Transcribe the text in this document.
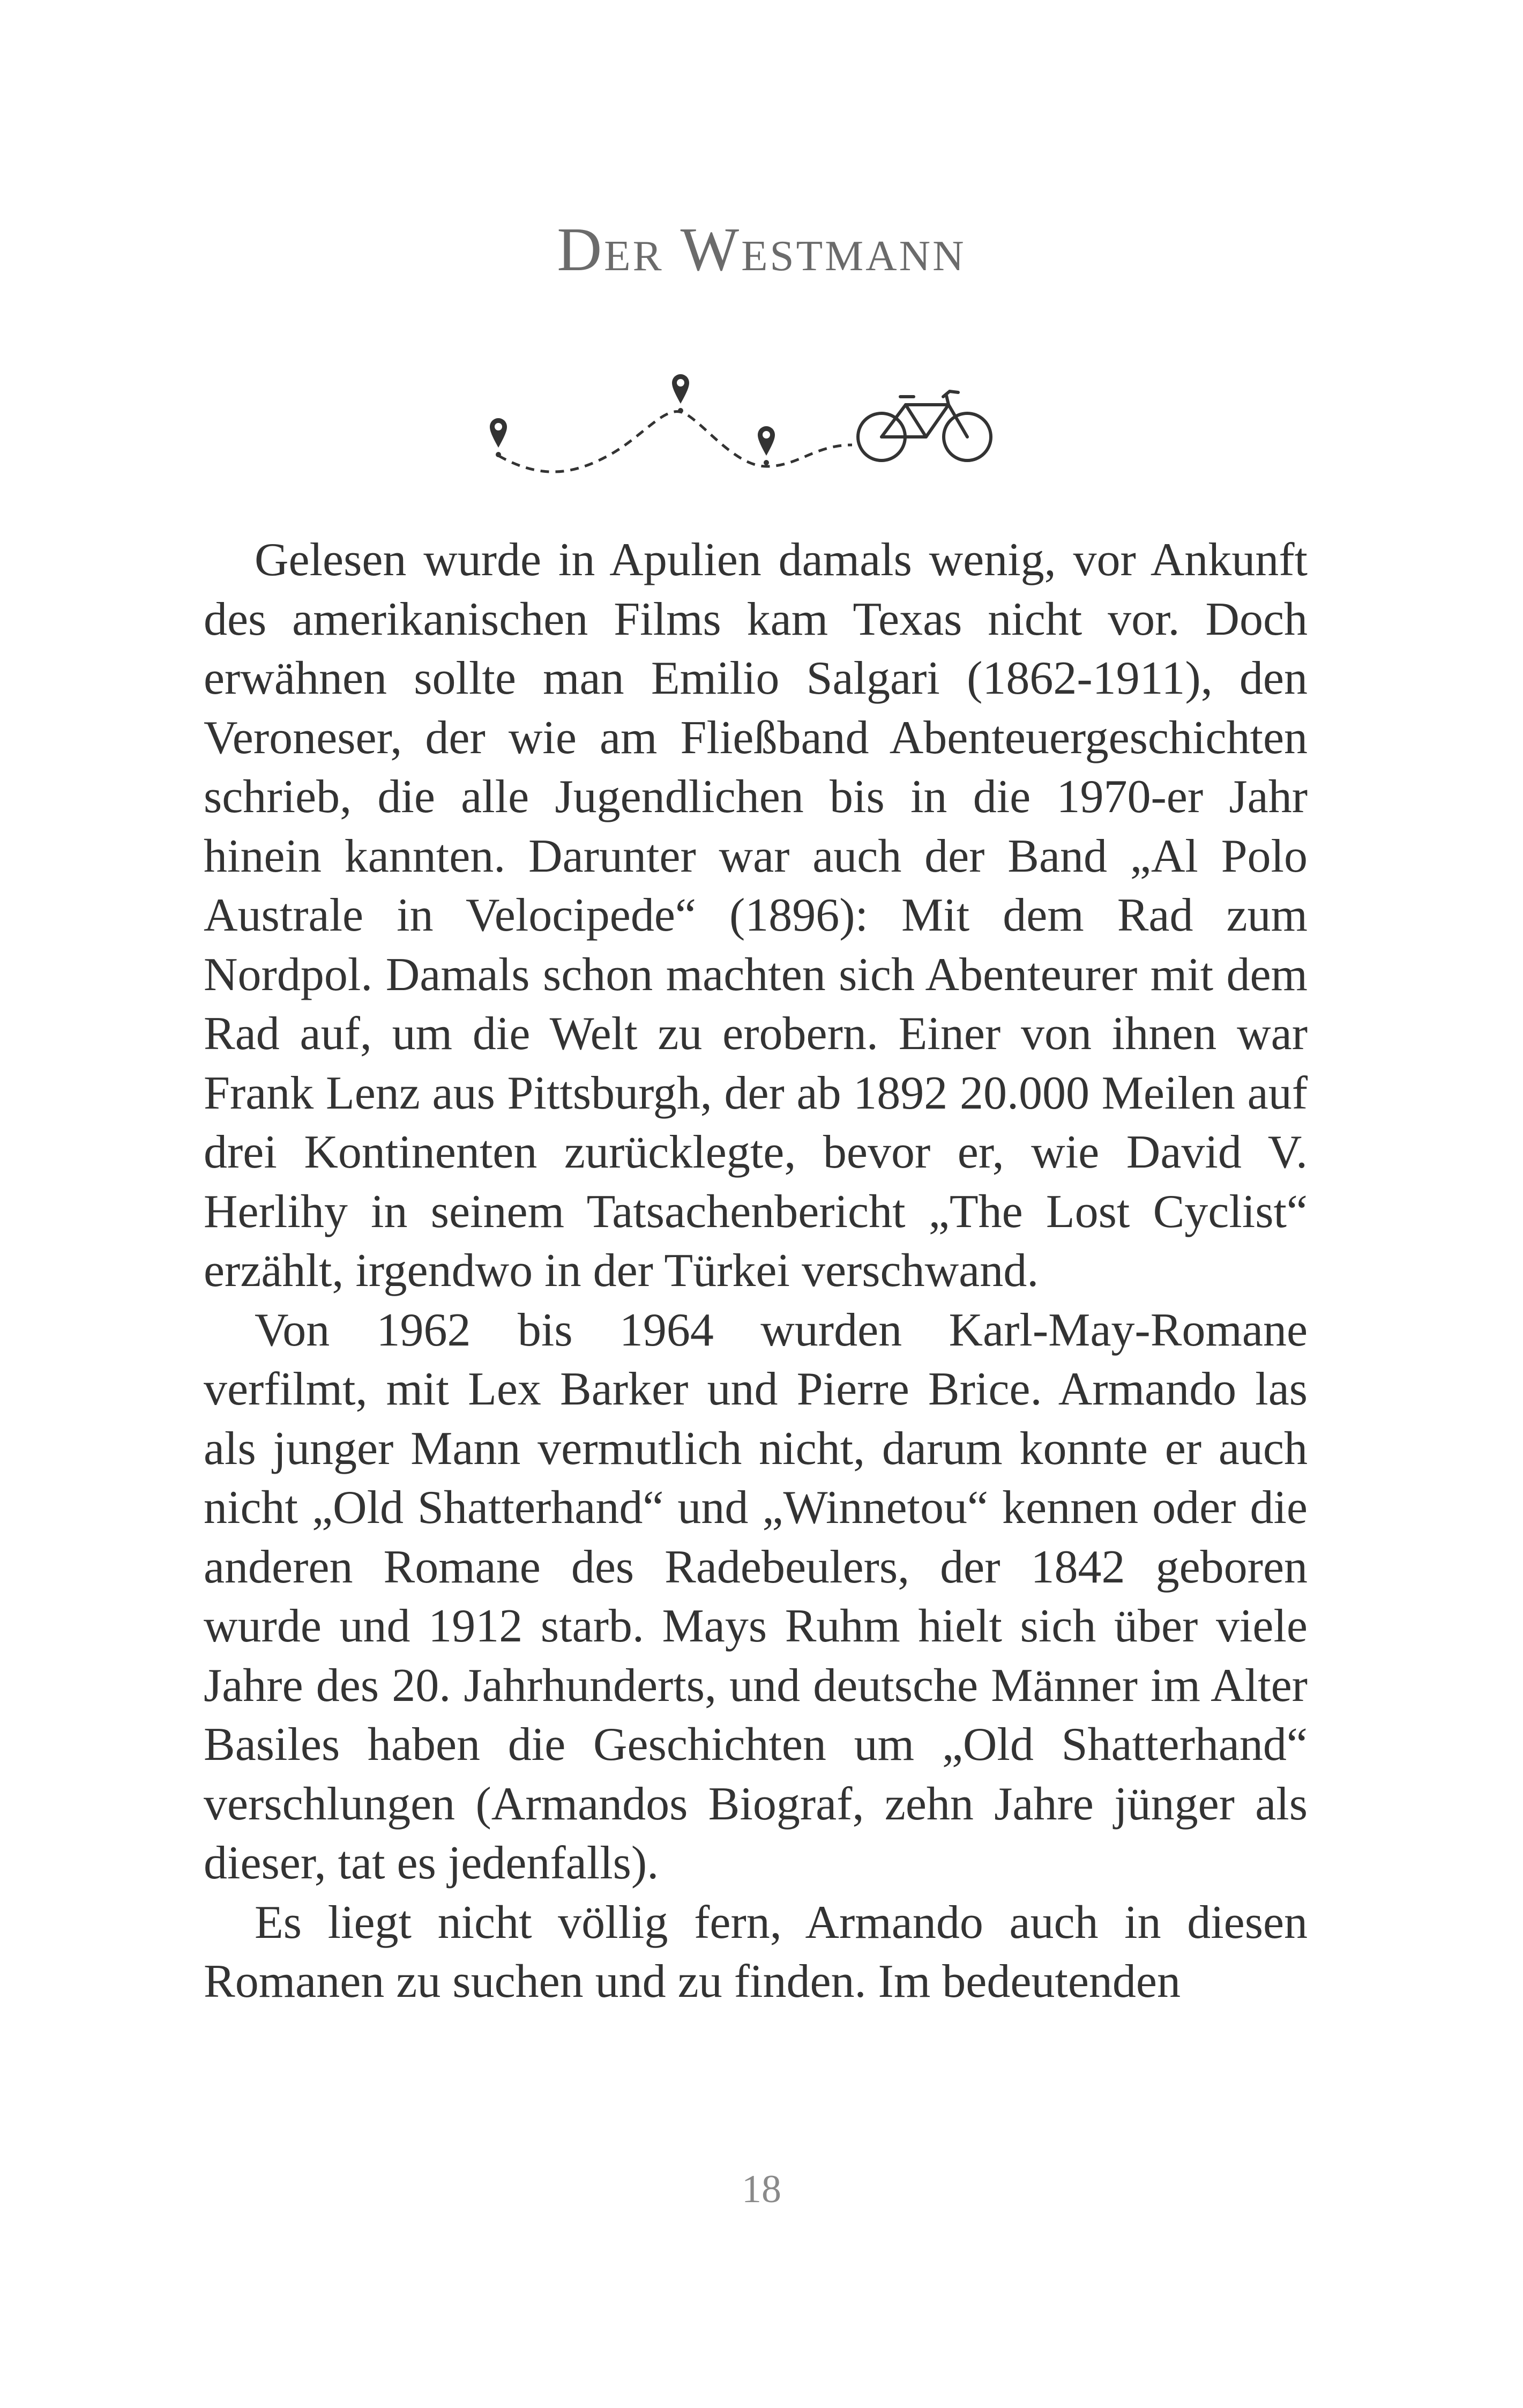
Der Westmann

Gelesen wurde in Apulien damals wenig, vor Ankunft des amerikanischen Films kam Texas nicht vor. Doch erwähnen sollte man Emilio Salgari (1862-1911), den Veroneser, der wie am Fließband Abenteuergeschichten schrieb, die alle Jugendlichen bis in die 1970-er Jahr hinein kannten. Darunter war auch der Band „Al Polo Australe in Velocipede“ (1896): Mit dem Rad zum Nordpol. Damals schon machten sich Abenteurer mit dem Rad auf, um die Welt zu erobern. Einer von ihnen war Frank Lenz aus Pittsburgh, der ab 1892 20.000 Meilen auf drei Kontinenten zurücklegte, bevor er, wie David V. Herlihy in seinem Tatsachenbericht „The Lost Cyclist“ erzählt, irgendwo in der Türkei verschwand.

Von 1962 bis 1964 wurden Karl-May-Romane verfilmt, mit Lex Barker und Pierre Brice. Armando las als junger Mann vermutlich nicht, darum konnte er auch nicht „Old Shatterhand“ und „Winnetou“ kennen oder die anderen Romane des Radebeulers, der 1842 geboren wurde und 1912 starb. Mays Ruhm hielt sich über viele Jahre des 20. Jahrhunderts, und deutsche Männer im Alter Basiles haben die Geschichten um „Old Shatterhand“ verschlungen (Armandos Biograf, zehn Jahre jünger als dieser, tat es jedenfalls).

Es liegt nicht völlig fern, Armando auch in diesen Romanen zu suchen und zu finden. Im bedeutenden

18
